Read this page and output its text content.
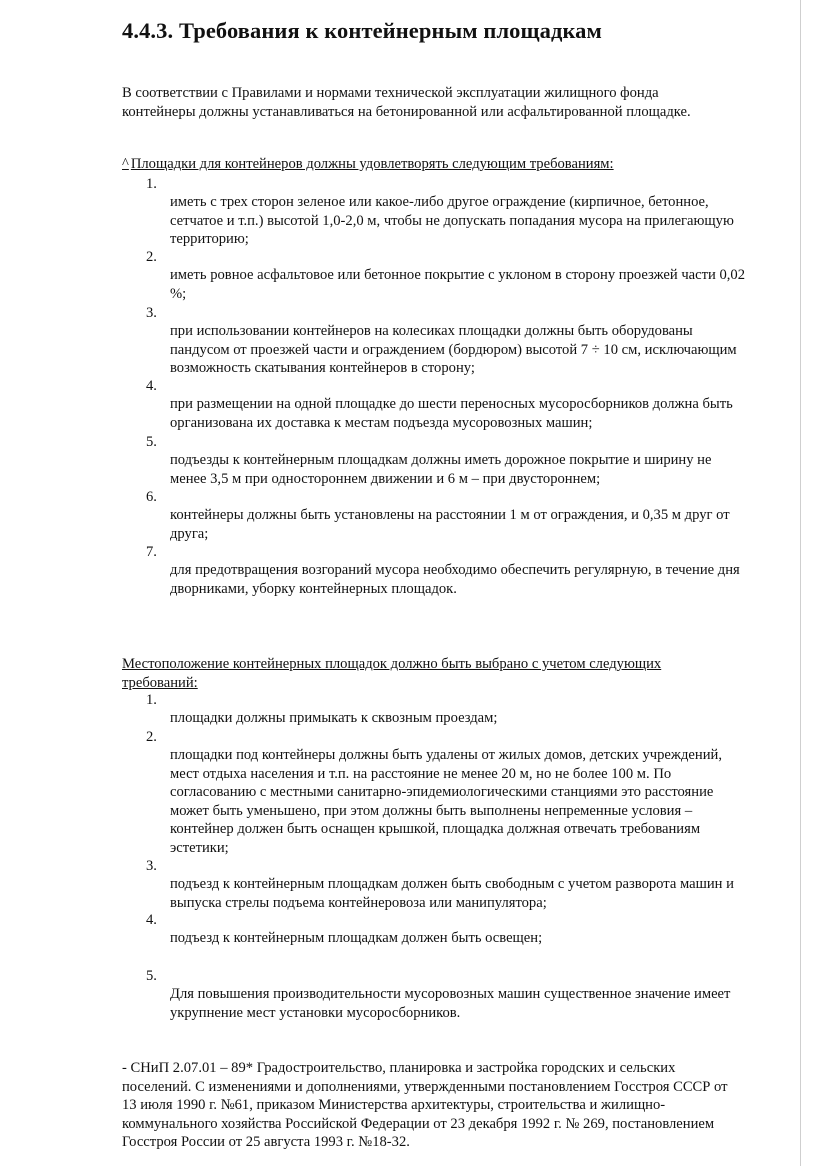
4.4.3. Требования к контейнерным площадкам

В соответствии с Правилами и нормами технической эксплуатации жилищного фонда контейнеры должны устанавливаться на бетонированной или асфальтированной площадке.

^ Площадки для контейнеров должны удовлетворять следующим требованиям:

1.
иметь с трех сторон зеленое или какое-либо другое ограждение (кирпичное, бетонное, сетчатое и т.п.) высотой 1,0-2,0 м, чтобы не допускать попадания мусора на прилегающую территорию;
2.
иметь ровное асфальтовое или бетонное покрытие с уклоном в сторону проезжей части 0,02 %;
3.
при использовании контейнеров на колесиках площадки должны быть оборудованы пандусом от проезжей части и ограждением (бордюром) высотой 7 ÷ 10 см, исключающим возможность скатывания контейнеров в сторону;
4.
при размещении на одной площадке до шести переносных мусоросборников должна быть организована их доставка к местам подъезда мусоровозных машин;
5.
подъезды к контейнерным площадкам должны иметь дорожное покрытие и ширину не менее 3,5 м при одностороннем движении и 6 м – при двустороннем;
6.
контейнеры должны быть установлены на расстоянии 1 м от ограждения, и 0,35 м друг от друга;
7.
для предотвращения возгораний мусора необходимо обеспечить регулярную, в течение дня дворниками, уборку контейнерных площадок.

Местоположение контейнерных площадок должно быть выбрано с учетом следующих требований:

1.
площадки должны примыкать к сквозным проездам;
2.
площадки под контейнеры должны быть удалены от жилых домов, детских учреждений, мест отдыха населения и т.п. на расстояние не менее 20 м, но не более 100 м. По согласованию с местными санитарно-эпидемиологическими станциями это расстояние может быть уменьшено, при этом должны быть выполнены непременные условия – контейнер должен быть оснащен крышкой, площадка должная отвечать требованиям эстетики;
3.
подъезд к контейнерным площадкам должен быть свободным с учетом разворота машин и выпуска стрелы подъема контейнеровоза или манипулятора;
4.
подъезд к контейнерным площадкам должен быть освещен;
5.
Для повышения производительности мусоровозных машин существенное значение имеет укрупнение мест установки мусоросборников.

- СНиП 2.07.01 – 89* Градостроительство, планировка и застройка городских и сельских поселений. С изменениями и дополнениями, утвержденными постановлением Госстроя СССР от 13 июля 1990 г. №61, приказом Министерства архитектуры, строительства и жилищно-коммунального хозяйства Российской Федерации от 23 декабря 1992 г. № 269, постановлением Госстроя России от 25 августа 1993 г. №18-32.
